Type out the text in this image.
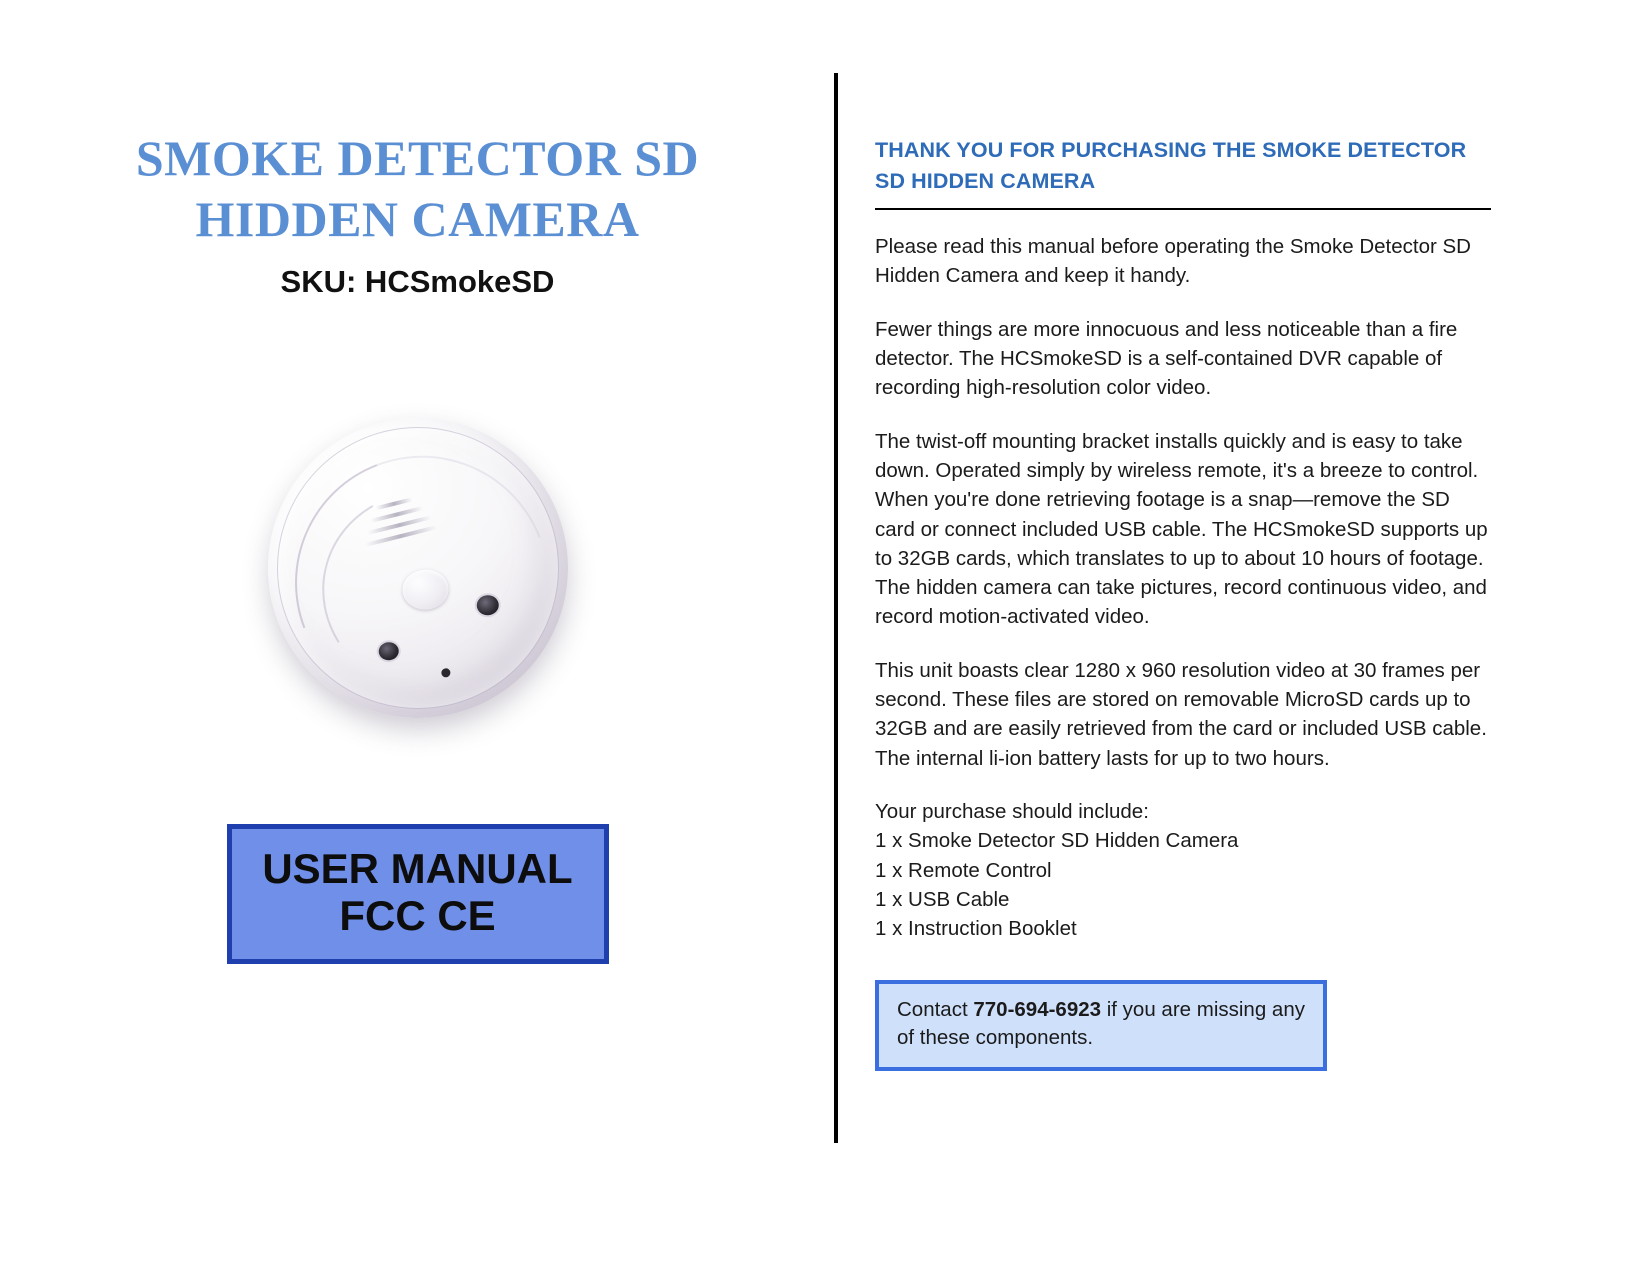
SMOKE DETECTOR SD
HIDDEN CAMERA
SKU: HCSmokeSD
USER MANUAL
FCC CE
THANK YOU FOR PURCHASING THE SMOKE DETECTOR SD HIDDEN CAMERA

Please read this manual before operating the Smoke Detector SD Hidden Camera and keep it handy.

Fewer things are more innocuous and less noticeable than a fire detector. The HCSmokeSD is a self-contained DVR capable of recording high-resolution color video.

The twist-off mounting bracket installs quickly and is easy to take down. Operated simply by wireless remote, it's a breeze to control. When you're done retrieving footage is a snap—remove the SD card or connect included USB cable. The HCSmokeSD supports up to 32GB cards, which translates to up to about 10 hours of footage. The hidden camera can take pictures, record continuous video, and record motion-activated video.

This unit boasts clear 1280 x 960 resolution video at 30 frames per second. These files are stored on removable MicroSD cards up to 32GB and are easily retrieved from the card or included USB cable. The internal li-ion battery lasts for up to two hours.

Your purchase should include:
1 x Smoke Detector SD Hidden Camera
1 x Remote Control
1 x USB Cable
1 x Instruction Booklet
Contact 770-694-6923 if you are missing any of these components.
